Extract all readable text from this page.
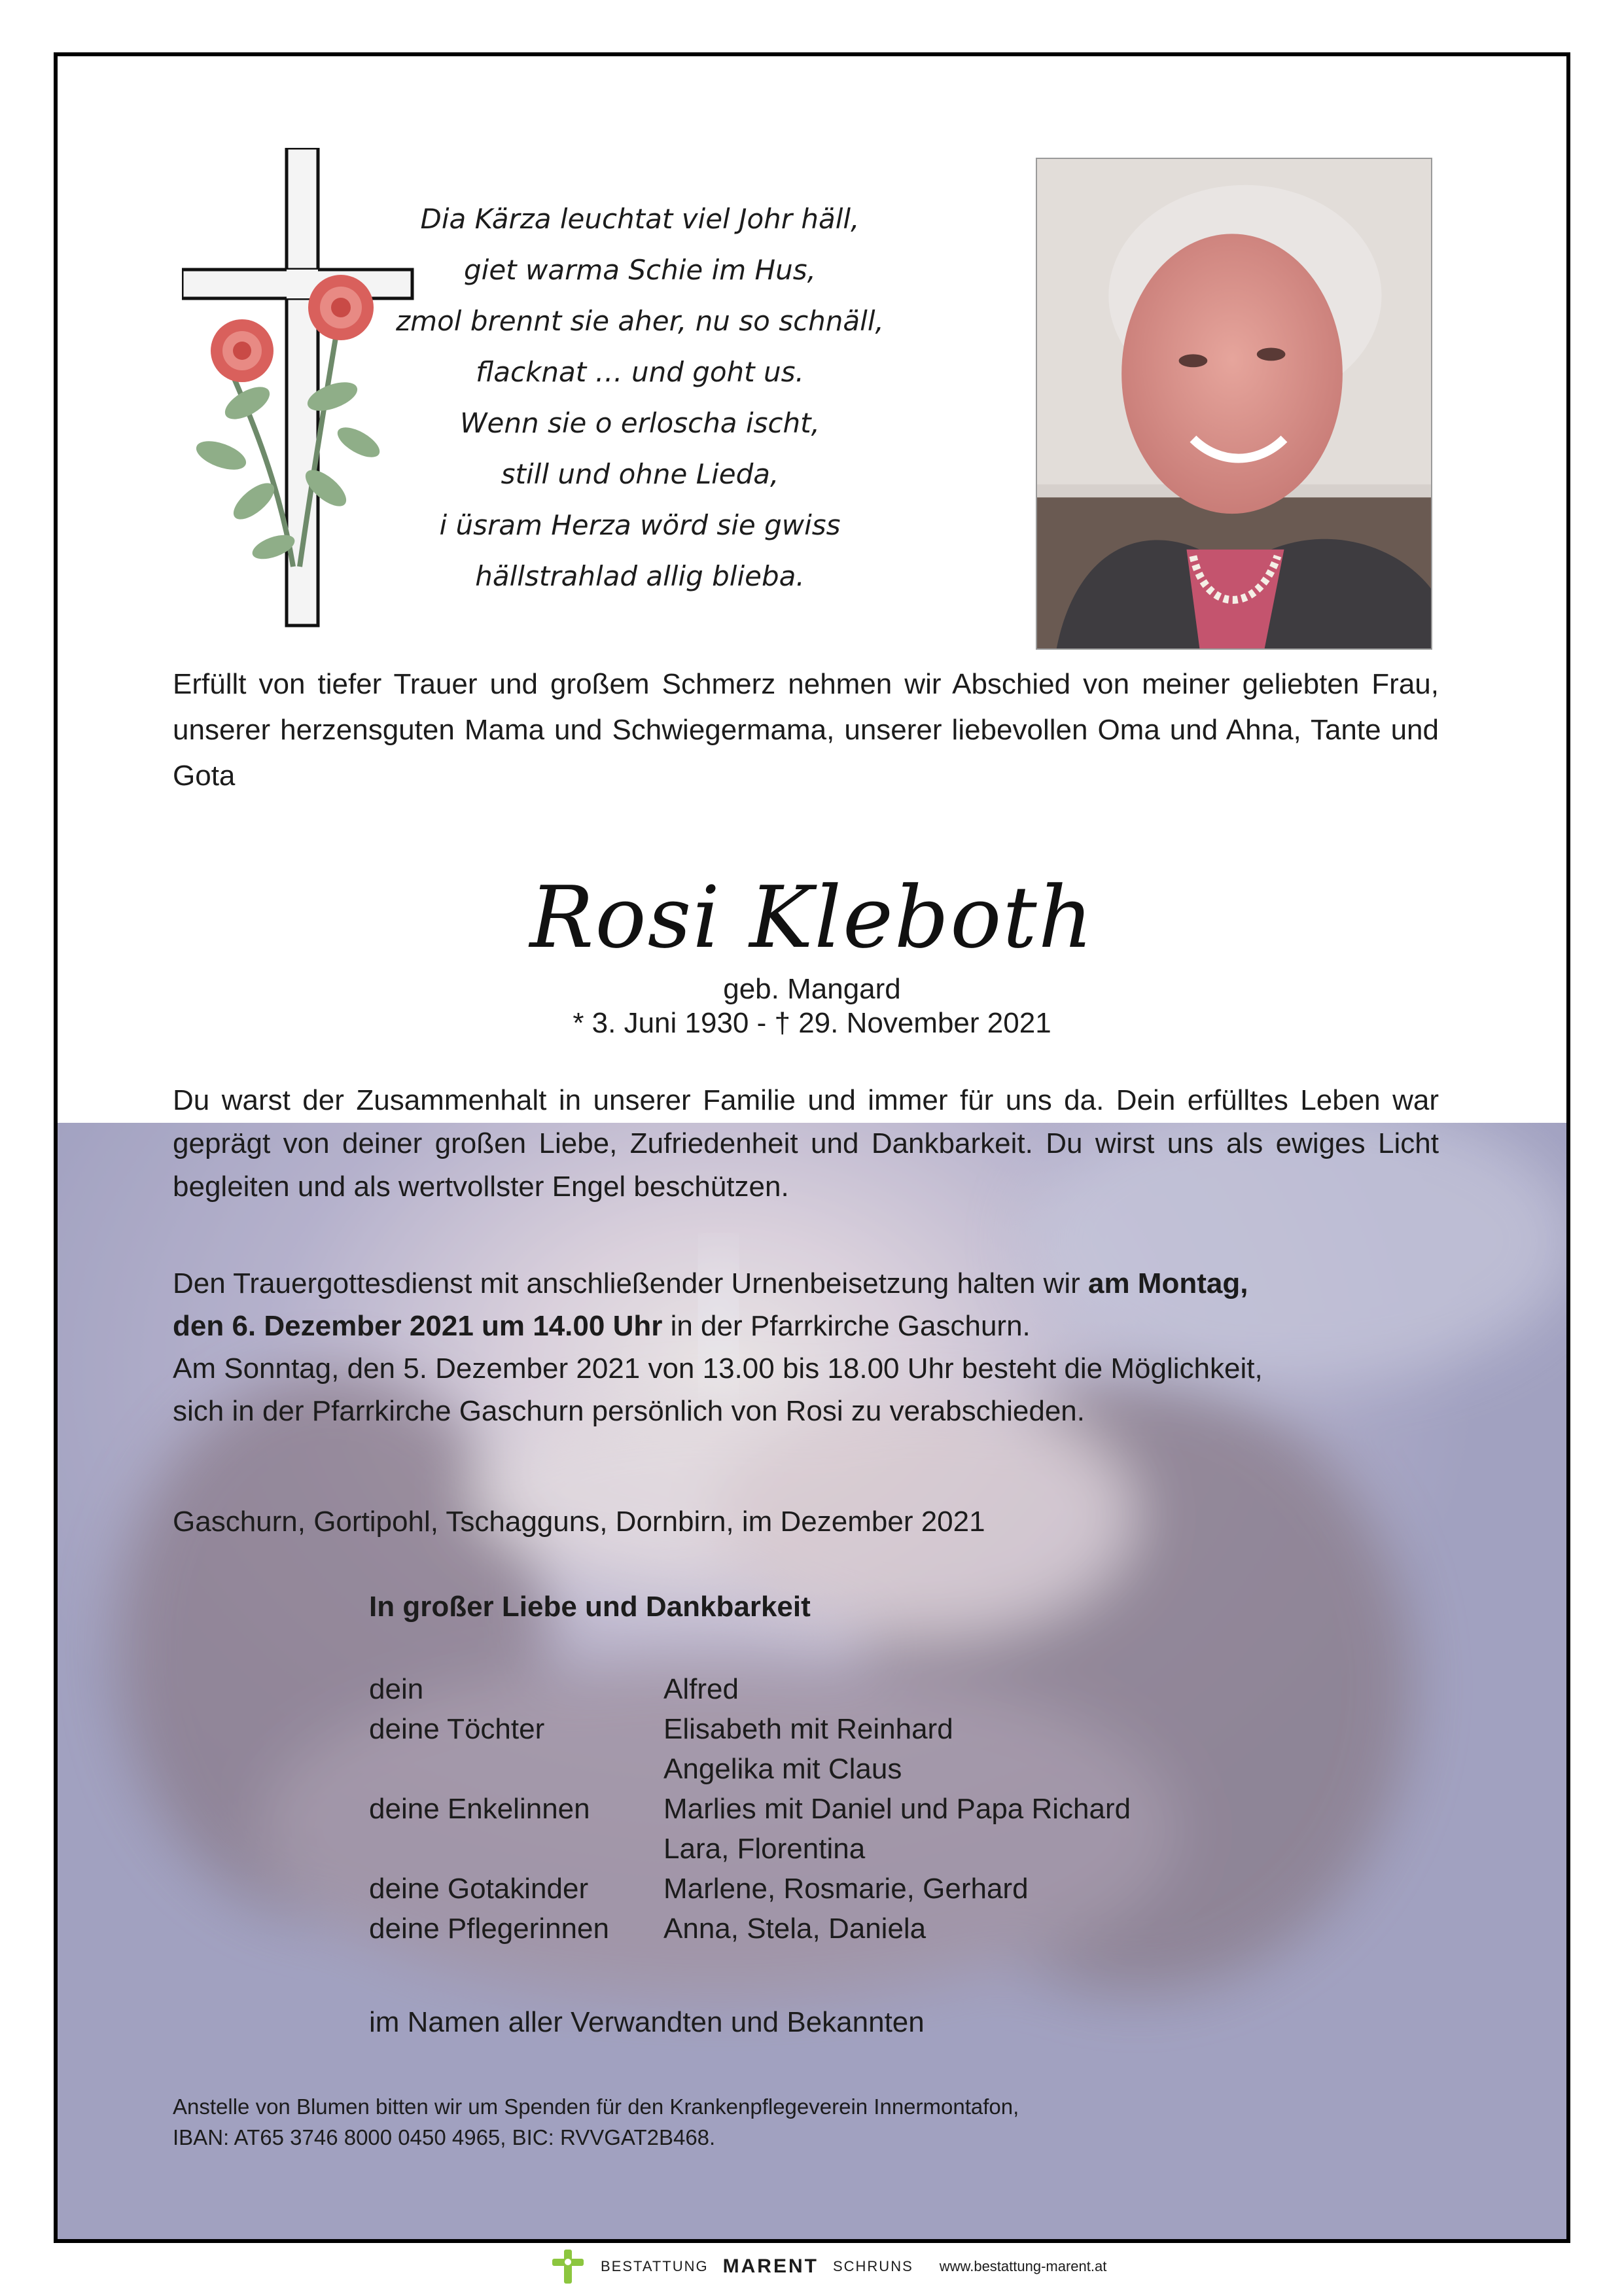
Dia Kärza leuchtat viel Johr häll,
giet warma Schie im Hus,
zmol brennt sie aher, nu so schnäll,
flacknat … und goht us.
Wenn sie o erloscha ischt,
still und ohne Lieda,
i üsram Herza wörd sie gwiss
hällstrahlad allig blieba.
Erfüllt von tiefer Trauer und großem Schmerz nehmen wir Abschied von meiner geliebten Frau, unserer herzensguten Mama und Schwiegermama, unserer liebevollen Oma und Ahna, Tante und Gota
Rosi Kleboth
geb. Mangard
* 3. Juni 1930 - † 29. November 2021
Du warst der Zusammenhalt in unserer Familie und immer für uns da. Dein erfülltes Leben war geprägt von deiner großen Liebe, Zufriedenheit und Dankbarkeit. Du wirst uns als ewiges Licht begleiten und als wertvollster Engel beschützen.
Den Trauergottesdienst mit anschließender Urnenbeisetzung halten wir am Montag,
den 6. Dezember 2021 um 14.00 Uhr in der Pfarrkirche Gaschurn.
Am Sonntag, den 5. Dezember 2021 von 13.00 bis 18.00 Uhr besteht die Möglichkeit,
sich in der Pfarrkirche Gaschurn persönlich von Rosi zu verabschieden.
Gaschurn, Gortipohl, Tschagguns, Dornbirn, im Dezember 2021
In großer Liebe und Dankbarkeit
dein	Alfred
deine Töchter	Elisabeth mit Reinhard
Angelika mit Claus
deine Enkelinnen	Marlies mit Daniel und Papa Richard
Lara, Florentina
deine Gotakinder	Marlene, Rosmarie, Gerhard
deine Pflegerinnen	Anna, Stela, Daniela
im Namen aller Verwandten und Bekannten
Anstelle von Blumen bitten wir um Spenden für den Krankenpflegeverein Innermontafon,
IBAN: AT65 3746 8000 0450 4965, BIC: RVVGAT2B468.
BESTATTUNG MARENT SCHRUNS www.bestattung-marent.at
